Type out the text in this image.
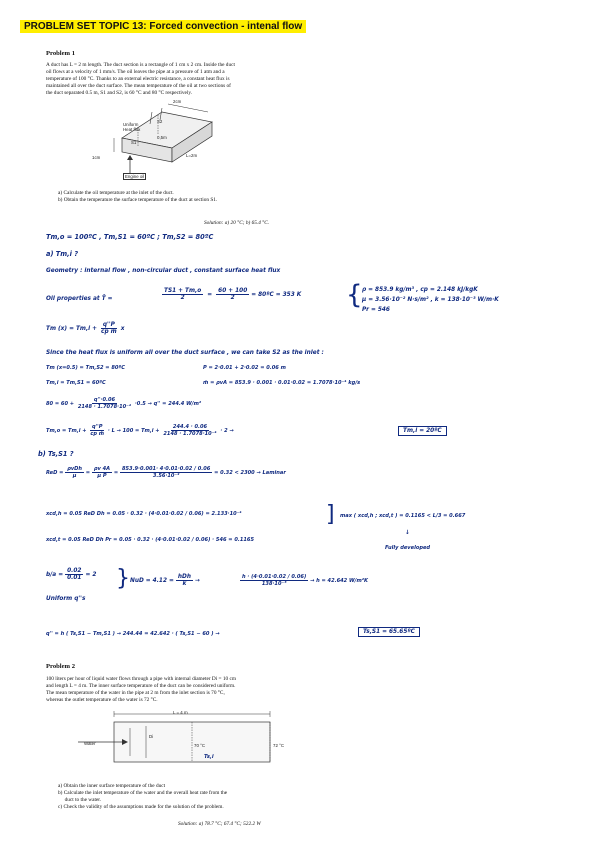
PROBLEM SET TOPIC 13: Forced convection - intenal flow
Problem 1
A duct has L = 2 m length. The duct section is a rectangle of 1 cm x 2 cm. Inside the duct
oil flows at a velocity of 1 mm/s. The oil leaves the pipe at a pressure of 1 atm and a
temperature of 100 °C. Thanks to an external electric resistance, a constant heat flux is
maintained all over the duct surface. The mean temperature of the oil at two sections of
the duct separated 0.5 m, S1 and S2, is 60 °C and 80 °C respectively.
2cm
Uniform
Heat flux
S2
0,5m
S1
1cm	L=2m
Engine oil
a) Calculate the oil temperature at the inlet of the duct.
b) Obtain the temperature the surface temperature of the duct at section S1.
Solution: a) 20 °C; b) 65.4 °C.
Tm,o = 100ºC , Tm,S1 = 60ºC ; Tm,S2 = 80ºC
a) Tm,i ?
Geometry : internal flow , non-circular duct , constant surface heat flux
Oil properties at T̄ =	$\frac{TS1 + Tm,o}{2} = \frac{60 + 100}{2}$ = 80ºC = 353 K { ρ = 853.9 kg/m³ , cp = 2.148 kJ/kgK
μ = 3.56·10⁻² N·s/m² , k = 138·10⁻³ W/m·K
Pr = 546
Tm $(x) = Tm,i + \frac{q''P}{\text{cp ṁ}}$ x
Since the heat flux is uniform all over the duct surface , we can take S2 as the inlet :
Tm (x=0.5) = Tm,S2 = 80ºC	P = 2·0.01 + 2·0.02 = 0.06 m
Tm,i = Tm,S1 = 60ºC	ṁ = ρvA = 853.9 · 0.001 · 0.01·0.02 = 1.7078·10⁻⁴ kg/s
$80 = 60 + \frac{q''\cdot 0.06}{\text{2148 · 1.7078·10⁻⁴}} \cdot 0.5 \to q'' = 244.4$ W/m²
$Tm,o = Tm,i + \frac{q''P}{\text{cp ṁ}} \cdot L \to 100 = Tm,i + \frac{244.4 \cdot 0.06}{\text{2148 · 1.7078·10⁻⁴}} \cdot 2$ →	Tm,i = 20ºC
b) Ts,S1 ?
ReD = $\frac{\text{ρvDh}}{\mu} = \frac{\rho v 4A}{\text{μ P}} = \frac{853.9\cdot 0.001\cdot 4\cdot 0.01\cdot 0.02 / 0.06}{\text{3.56·10⁻²}} = 0.32 < 2300$ → Laminar
xcd,h = 0.05 ReD Dh = 0.05 · 0.32 · (4·0.01·0.02 / 0.06) = 2.133·10⁻⁴
xcd,t = 0.05 ReD Dh Pr = 0.05 · 0.32 · (4·0.01·0.02 / 0.06) · 546 = 0.1165
] max ( xcd,h ; xcd,t ) = 0.1165 < L/3 = 0.667
↓
Fully developed
$b/a = \frac{0.02}{0.01} = 2$
Uniform q''s
} NuD = $4.12 = \frac{\text{hDh}}{k}$ →	$\frac{h \cdot (4\cdot 0.01\cdot 0.02 / 0.06)}{\text{138·10⁻³}} \to h = 42.642$ W/m²K
q'' = h ( Ts,S1 − Tm,S1 ) → 244.44 = 42.642 · ( Ts,S1 − 60 ) →	Ts,S1 = 65.65ºC
Problem 2
100 liters per hour of liquid water flows through a pipe with internal diameter Di = 10 cm
and length L = 4 m. The inner surface temperature of the duct can be considered uniform.
The mean temperature of the water in the pipe at 2 m from the inlet section is 70 °C,
whereas the outlet temperature of the water is 72 °C.
L = 4 m
Water
Di
70 °C	72 °C
Ts,i
a) Obtain the inner surface temperature of the duct
b) Calculate the inlet temperature of the water and the overall heat rate from the
duct to the water.
c) Check the validity of the assumptions made for the solution of the problem.
Solution: a) 78.7 °C; 67.4 °C; 522.2 W
